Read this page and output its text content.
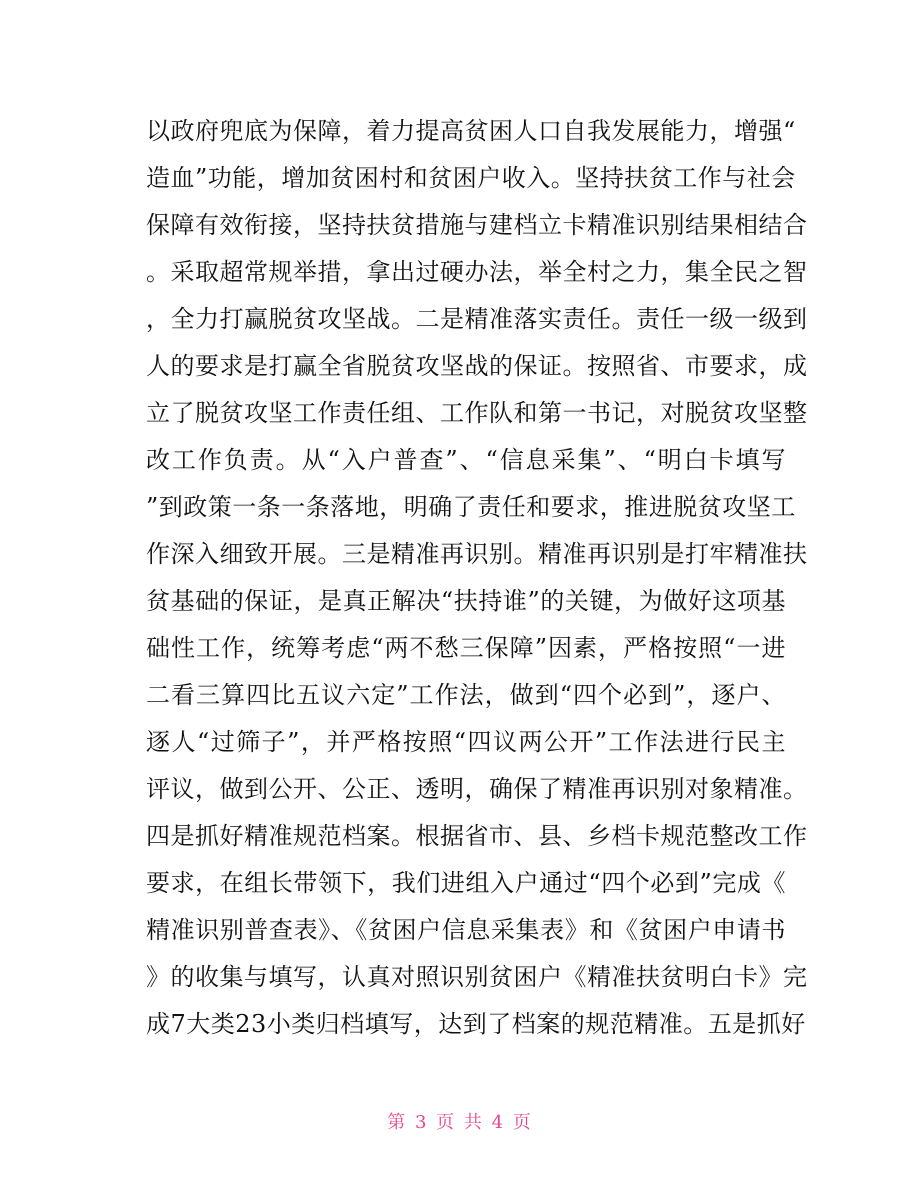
以政府兜底为保障，着力提高贫困人口自我发展能力，增强“
造血”功能，增加贫困村和贫困户收入。坚持扶贫工作与社会
保障有效衔接，坚持扶贫措施与建档立卡精准识别结果相结合
。采取超常规举措，拿出过硬办法，举全村之力，集全民之智
，全力打赢脱贫攻坚战。二是精准落实责任。责任一级一级到
人的要求是打赢全省脱贫攻坚战的保证。按照省、市要求，成
立了脱贫攻坚工作责任组、工作队和第一书记，对脱贫攻坚整
改工作负责。从“入户普查”、“信息采集”、“明白卡填写
”到政策一条一条落地，明确了责任和要求，推进脱贫攻坚工
作深入细致开展。三是精准再识别。精准再识别是打牢精准扶
贫基础的保证，是真正解决“扶持谁”的关键，为做好这项基
础性工作，统筹考虑“两不愁三保障”因素，严格按照“一进
二看三算四比五议六定”工作法，做到“四个必到”，逐户、
逐人“过筛子”，并严格按照“四议两公开”工作法进行民主
评议，做到公开、公正、透明，确保了精准再识别对象精准。
四是抓好精准规范档案。根据省市、县、乡档卡规范整改工作
要求，在组长带领下，我们进组入户通过“四个必到”完成《
精准识别普查表》、《贫困户信息采集表》和《贫困户申请书
》的收集与填写，认真对照识别贫困户《精准扶贫明白卡》完
成7大类23小类归档填写，达到了档案的规范精准。五是抓好
第 3 页 共 4 页
